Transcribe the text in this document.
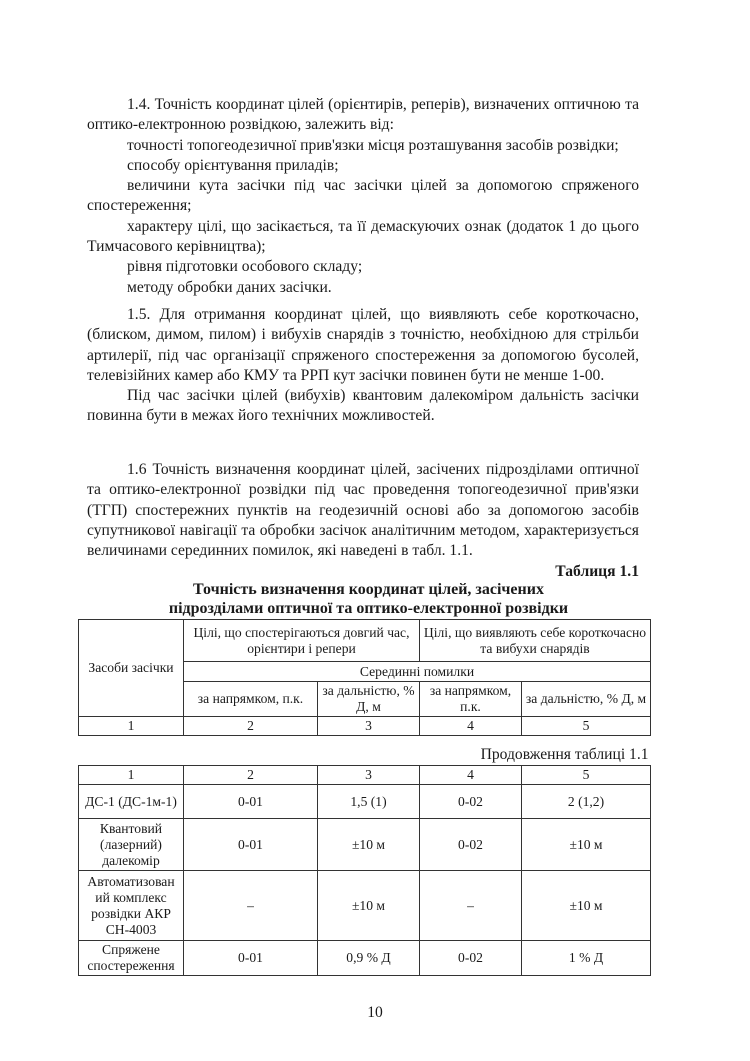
1.4. Точність координат цілей (орієнтирів, реперів), визначених оптичною та оптико-електронною розвідкою, залежить від:

точності топогеодезичної прив'язки місця розташування засобів розвідки;

способу орієнтування приладів;

величини кута засічки під час засічки цілей за допомогою спряженого спостереження;

характеру цілі, що засікається, та її демаскуючих ознак (додаток 1 до цього Тимчасового керівництва);

рівня підготовки особового складу;

методу обробки даних засічки.

1.5. Для отримання координат цілей, що виявляють себе короткочасно, (блиском, димом, пилом) і вибухів снарядів з точністю, необхідною для стрільби артилерії, під час організації спряженого спостереження за допомогою бусолей, телевізійних камер або КМУ та РРП кут засічки повинен бути не менше 1-00.

Під час засічки цілей (вибухів) квантовим далекоміром дальність засічки повинна бути в межах його технічних можливостей.

1.6 Точність визначення координат цілей, засічених підрозділами оптичної та оптико-електронної розвідки під час проведення топогеодезичної прив'язки (ТГП) спостережних пунктів на геодезичній основі або за допомогою засобів супутникової навігації та обробки засічок аналітичним методом, характеризується величинами серединних помилок, які наведені в табл. 1.1.

Таблиця 1.1
Точність визначення координат цілей, засічених
підрозділами оптичної та оптико-електронної розвідки
Засоби засічки	Цілі, що спостерігаються довгий час, орієнтири і репери		Цілі, що виявляють себе короткочасно та вибухи снарядів	
	Серединні помилки			
	за напрямком, п.к.	за дальністю, % Д, м	за напрямком, п.к.	за дальністю, % Д, м
1	2	3	4	5
Продовження таблиці 1.1				
1	2	3	4	5
ДС-1 (ДС-1м-1)	0-01	1,5 (1)	0-02	2 (1,2)
Квантовий (лазерний) далекомір	0-01	±10 м	0-02	±10 м
Автоматизован ий комплекс розвідки АКР СН-4003	–	±10 м	–	±10 м
Спряжене спостереження	0-01	0,9 % Д	0-02	1 % Д
10
